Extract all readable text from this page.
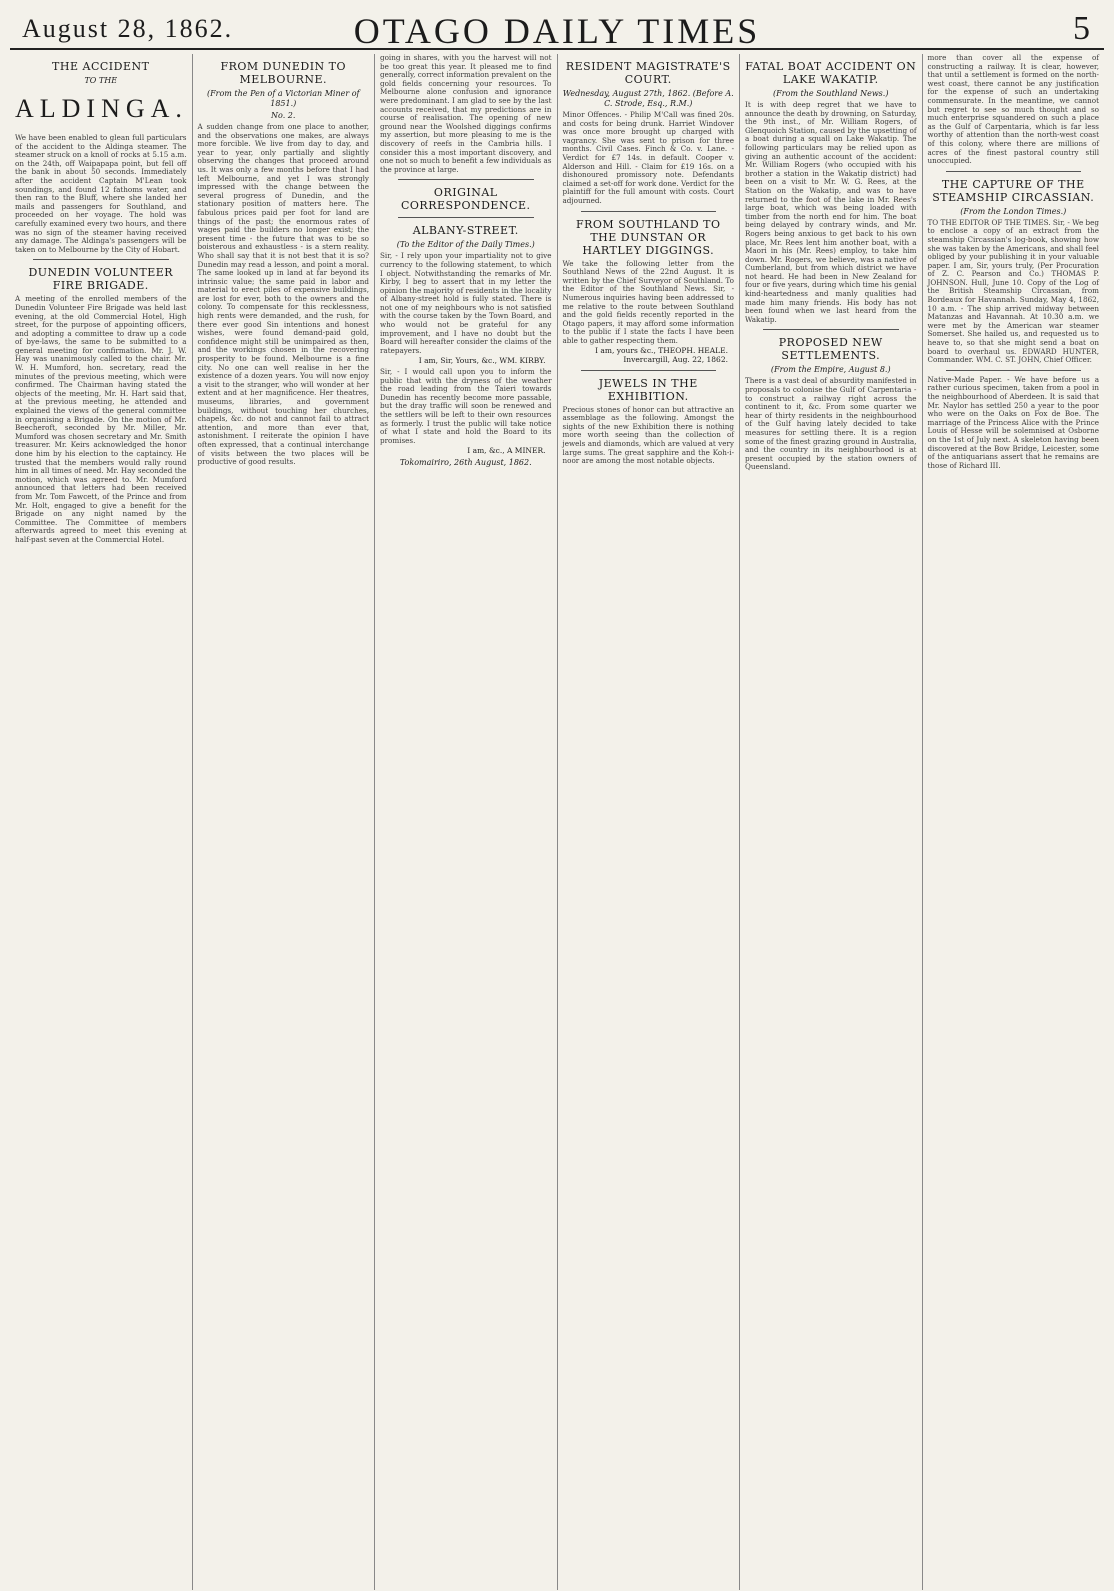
August 28, 1862.	OTAGO DAILY TIMES	5
THE ACCIDENT
TO THE
ALDINGA.
We have been enabled to glean full particulars of the accident to the Aldinga steamer. The steamer struck on a knoll of rocks at 5.15 a.m. on the 24th, off Waipapapa point, but fell off the bank in about 50 seconds. Immediately after the accident Captain M'Lean took soundings, and found 12 fathoms water, and then ran to the Bluff, where she landed her mails and passengers for Southland, and proceeded on her voyage. The hold was carefully examined every two hours, and there was no sign of the steamer having received any damage. The Aldinga's passengers will be taken on to Melbourne by the City of Hobart.
DUNEDIN VOLUNTEER FIRE BRIGADE.
A meeting of the enrolled members of the Dunedin Volunteer Fire Brigade was held last evening, at the old Commercial Hotel, High street, for the purpose of appointing officers, and adopting a committee to draw up a code of bye-laws, the same to be submitted to a general meeting for confirmation. Mr. J. W. Hay was unanimously called to the chair. Mr. W. H. Mumford, hon. secretary, read the minutes of the previous meeting, which were confirmed. The Chairman having stated the objects of the meeting, Mr. H. Hart said that, at the previous meeting, he attended and explained the views of the general committee in organising a Brigade. On the motion of Mr. Beecheroft, seconded by Mr. Miller, Mr. Mumford was chosen secretary and Mr. Smith treasurer. Mr. Keirs acknowledged the honor done him by his election to the captaincy. He trusted that the members would rally round him in all times of need. Mr. Hay seconded the motion, which was agreed to. Mr. Mumford announced that letters had been received from Mr. Tom Fawcett, of the Prince and from Mr. Holt, engaged to give a benefit for the Brigade on any night named by the Committee. The Committee of members afterwards agreed to meet this evening at half-past seven at the Commercial Hotel.
FROM DUNEDIN TO MELBOURNE.
(From the Pen of a Victorian Miner of 1851.)
No. 2.
A sudden change from one place to another, and the observations one makes, are always more forcible. We live from day to day, and year to year, only partially and slightly observing the changes that proceed around us. It was only a few months before that I had left Melbourne, and yet I was strongly impressed with the change between the several progress of Dunedin, and the stationary position of matters here. The fabulous prices paid per foot for land are things of the past; the enormous rates of wages paid the builders no longer exist; the present time - the future that was to be so boisterous and exhaustless - is a stern reality. Who shall say that it is not best that it is so? Dunedin may read a lesson, and point a moral. The same looked up in land at far beyond its intrinsic value; the same paid in labor and material to erect piles of expensive buildings, are lost for ever, both to the owners and the colony. To compensate for this recklessness, high rents were demanded, and the rush, for there ever good Sin intentions and honest wishes, were found demand-paid gold, confidence might still be unimpaired as then, and the workings chosen in the recovering prosperity to be found. Melbourne is a fine city. No one can well realise in her the existence of a dozen years. You will now enjoy a visit to the stranger, who will wonder at her extent and at her magnificence. Her theatres, museums, libraries, and government buildings, without touching her churches, chapels, &c. do not and cannot fail to attract attention, and more than ever that, astonishment. I reiterate the opinion I have often expressed, that a continual interchange of visits between the two places will be productive of good results.
going in shares, with you the harvest will not be too great this year. It pleased me to find generally, correct information prevalent on the gold fields concerning your resources. To Melbourne alone confusion and ignorance were predominant. I am glad to see by the last accounts received, that my predictions are in course of realisation. The opening of new ground near the Woolshed diggings confirms my assertion, but more pleasing to me is the discovery of reefs in the Cambria hills. I consider this a most important discovery, and one not so much to benefit a few individuals as the province at large.
ORIGINAL CORRESPONDENCE.
ALBANY-STREET.
(To the Editor of the Daily Times.)
Sir, - I rely upon your impartiality not to give currency to the following statement, to which I object. Notwithstanding the remarks of Mr. Kirby, I beg to assert that in my letter the opinion the majority of residents in the locality of Albany-street hold is fully stated. There is not one of my neighbours who is not satisfied with the course taken by the Town Board, and who would not be grateful for any improvement, and I have no doubt but the Board will hereafter consider the claims of the ratepayers.
I am, Sir, Yours, &c., WM. KIRBY.
Sir, - I would call upon you to inform the public that with the dryness of the weather the road leading from the Taieri towards Dunedin has recently become more passable, but the dray traffic will soon be renewed and the settlers will be left to their own resources as formerly. I trust the public will take notice of what I state and hold the Board to its promises.
I am, &c., A MINER.
Tokomairiro, 26th August, 1862.
RESIDENT MAGISTRATE'S COURT.
Wednesday, August 27th, 1862. (Before A. C. Strode, Esq., R.M.)
Minor Offences. - Philip M'Call was fined 20s. and costs for being drunk. Harriet Windover was once more brought up charged with vagrancy. She was sent to prison for three months. Civil Cases. Finch & Co. v. Lane. - Verdict for £7 14s. in default. Cooper v. Alderson and Hill. - Claim for £19 16s. on a dishonoured promissory note. Defendants claimed a set-off for work done. Verdict for the plaintiff for the full amount with costs. Court adjourned.
FROM SOUTHLAND TO THE DUNSTAN OR HARTLEY DIGGINGS.
We take the following letter from the Southland News of the 22nd August. It is written by the Chief Surveyor of Southland. To the Editor of the Southland News. Sir, - Numerous inquiries having been addressed to me relative to the route between Southland and the gold fields recently reported in the Otago papers, it may afford some information to the public if I state the facts I have been able to gather respecting them.
I am, yours &c., THEOPH. HEALE. Invercargill, Aug. 22, 1862.
JEWELS IN THE EXHIBITION.
Precious stones of honor can but attractive an assemblage as the following. Amongst the sights of the new Exhibition there is nothing more worth seeing than the collection of jewels and diamonds, which are valued at very large sums. The great sapphire and the Koh-i-noor are among the most notable objects.
FATAL BOAT ACCIDENT ON LAKE WAKATIP.
(From the Southland News.)
It is with deep regret that we have to announce the death by drowning, on Saturday, the 9th inst., of Mr. William Rogers, of Glenquoich Station, caused by the upsetting of a boat during a squall on Lake Wakatip. The following particulars may be relied upon as giving an authentic account of the accident: Mr. William Rogers (who occupied with his brother a station in the Wakatip district) had been on a visit to Mr. W. G. Rees, at the Station on the Wakatip, and was to have returned to the foot of the lake in Mr. Rees's large boat, which was being loaded with timber from the north end for him. The boat being delayed by contrary winds, and Mr. Rogers being anxious to get back to his own place, Mr. Rees lent him another boat, with a Maori in his (Mr. Rees) employ, to take him down. Mr. Rogers, we believe, was a native of Cumberland, but from which district we have not heard. He had been in New Zealand for four or five years, during which time his genial kind-heartedness and manly qualities had made him many friends. His body has not been found when we last heard from the Wakatip.
PROPOSED NEW SETTLEMENTS.
(From the Empire, August 8.)
There is a vast deal of absurdity manifested in proposals to colonise the Gulf of Carpentaria - to construct a railway right across the continent to it, &c. From some quarter we hear of thirty residents in the neighbourhood of the Gulf having lately decided to take measures for settling there. It is a region some of the finest grazing ground in Australia, and the country in its neighbourhood is at present occupied by the station owners of Queensland.
more than cover all the expense of constructing a railway. It is clear, however, that until a settlement is formed on the north-west coast, there cannot be any justification for the expense of such an undertaking commensurate. In the meantime, we cannot but regret to see so much thought and so much enterprise squandered on such a place as the Gulf of Carpentaria, which is far less worthy of attention than the north-west coast of this colony, where there are millions of acres of the finest pastoral country still unoccupied.
THE CAPTURE OF THE STEAMSHIP CIRCASSIAN.
(From the London Times.)
TO THE EDITOR OF THE TIMES. Sir, - We beg to enclose a copy of an extract from the steamship Circassian's log-book, showing how she was taken by the Americans, and shall feel obliged by your publishing it in your valuable paper. I am, Sir, yours truly, (Per Procuration of Z. C. Pearson and Co.) THOMAS P. JOHNSON. Hull, June 10. Copy of the Log of the British Steamship Circassian, from Bordeaux for Havannah. Sunday, May 4, 1862, 10 a.m. - The ship arrived midway between Matanzas and Havannah. At 10.30 a.m. we were met by the American war steamer Somerset. She hailed us, and requested us to heave to, so that she might send a boat on board to overhaul us. EDWARD HUNTER, Commander. WM. C. ST. JOHN, Chief Officer.
Native-Made Paper. - We have before us a rather curious specimen, taken from a pool in the neighbourhood of Aberdeen. It is said that Mr. Naylor has settled 250 a year to the poor who were on the Oaks on Fox de Boe. The marriage of the Princess Alice with the Prince Louis of Hesse will be solemnised at Osborne on the 1st of July next. A skeleton having been discovered at the Bow Bridge, Leicester, some of the antiquarians assert that he remains are those of Richard III.
